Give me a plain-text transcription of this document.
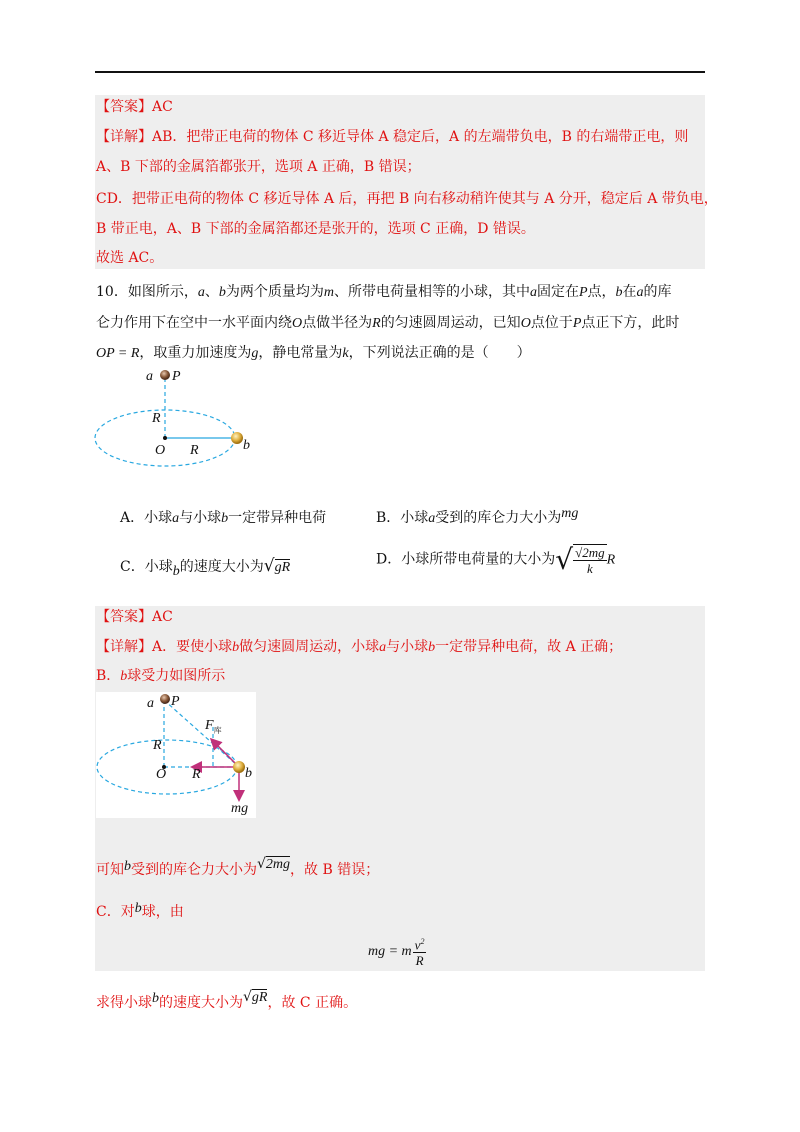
【答案】AC
【详解】AB．把带正电荷的物体 C 移近导体 A 稳定后，A 的左端带负电，B 的右端带正电，则
A、B 下部的金属箔都张开，选项 A 正确，B 错误；
CD．把带正电荷的物体 C 移近导体 A 后，再把 B 向右移动稍许使其与 A 分开，稳定后 A 带负电，
B 带正电，A、B 下部的金属箔都还是张开的，选项 C 正确，D 错误。
故选 AC。
10．如图所示，a、b为两个质量均为m、所带电荷量相等的小球，其中a固定在P点，b在a的库
仑力作用下在空中一水平面内绕O点做半径为R的匀速圆周运动，已知O点位于P点正下方，此时
OP = R，取重力加速度为g，静电常量为k，下列说法正确的是（　　）
a P
R
O R	b
A．小球a与小球b一定带异种电荷	B．小球a受到的库仑力大小为mg
C．小球b的速度大小为√gR	D．小球所带电荷量的大小为√ $\frac{√2mg}{k}$ R
【答案】AC
【详解】A．要使小球b做匀速圆周运动，小球a与小球b一定带异种电荷，故 A 正确；
B．b球受力如图所示
a P
$F_库$
R
O R	b
mg
可知b受到的库仑力大小为√2mg，故 B 错误；
C．对b球，由
mg = m $\frac{v^2}{R}$
求得小球b的速度大小为√gR，故 C 正确。
